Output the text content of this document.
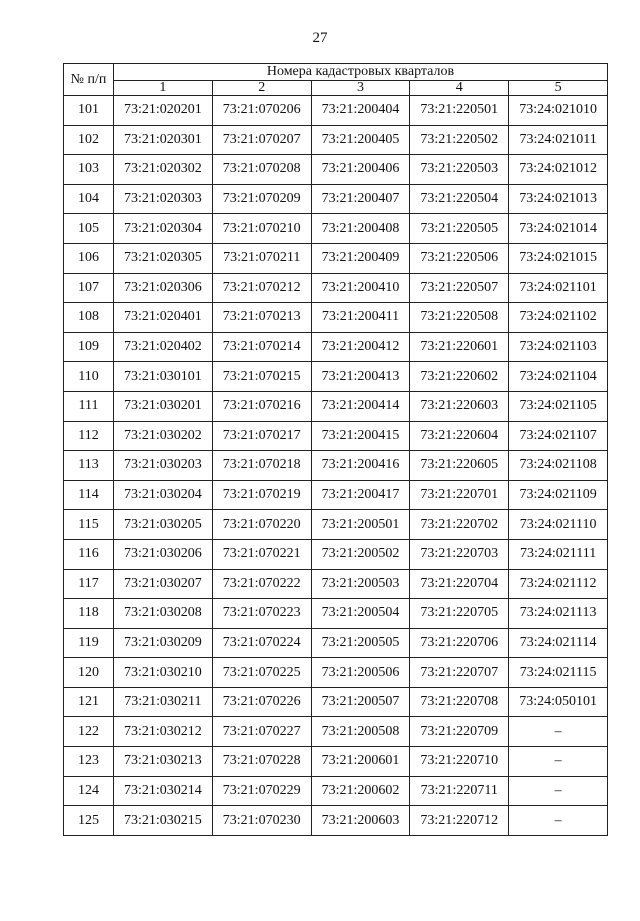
27
№ п/п	Номера кадастровых кварталов				
	1	2	3	4	5
101	73:21:020201	73:21:070206	73:21:200404	73:21:220501	73:24:021010
102	73:21:020301	73:21:070207	73:21:200405	73:21:220502	73:24:021011
103	73:21:020302	73:21:070208	73:21:200406	73:21:220503	73:24:021012
104	73:21:020303	73:21:070209	73:21:200407	73:21:220504	73:24:021013
105	73:21:020304	73:21:070210	73:21:200408	73:21:220505	73:24:021014
106	73:21:020305	73:21:070211	73:21:200409	73:21:220506	73:24:021015
107	73:21:020306	73:21:070212	73:21:200410	73:21:220507	73:24:021101
108	73:21:020401	73:21:070213	73:21:200411	73:21:220508	73:24:021102
109	73:21:020402	73:21:070214	73:21:200412	73:21:220601	73:24:021103
110	73:21:030101	73:21:070215	73:21:200413	73:21:220602	73:24:021104
111	73:21:030201	73:21:070216	73:21:200414	73:21:220603	73:24:021105
112	73:21:030202	73:21:070217	73:21:200415	73:21:220604	73:24:021107
113	73:21:030203	73:21:070218	73:21:200416	73:21:220605	73:24:021108
114	73:21:030204	73:21:070219	73:21:200417	73:21:220701	73:24:021109
115	73:21:030205	73:21:070220	73:21:200501	73:21:220702	73:24:021110
116	73:21:030206	73:21:070221	73:21:200502	73:21:220703	73:24:021111
117	73:21:030207	73:21:070222	73:21:200503	73:21:220704	73:24:021112
118	73:21:030208	73:21:070223	73:21:200504	73:21:220705	73:24:021113
119	73:21:030209	73:21:070224	73:21:200505	73:21:220706	73:24:021114
120	73:21:030210	73:21:070225	73:21:200506	73:21:220707	73:24:021115
121	73:21:030211	73:21:070226	73:21:200507	73:21:220708	73:24:050101
122	73:21:030212	73:21:070227	73:21:200508	73:21:220709	–
123	73:21:030213	73:21:070228	73:21:200601	73:21:220710	–
124	73:21:030214	73:21:070229	73:21:200602	73:21:220711	–
125	73:21:030215	73:21:070230	73:21:200603	73:21:220712	–
